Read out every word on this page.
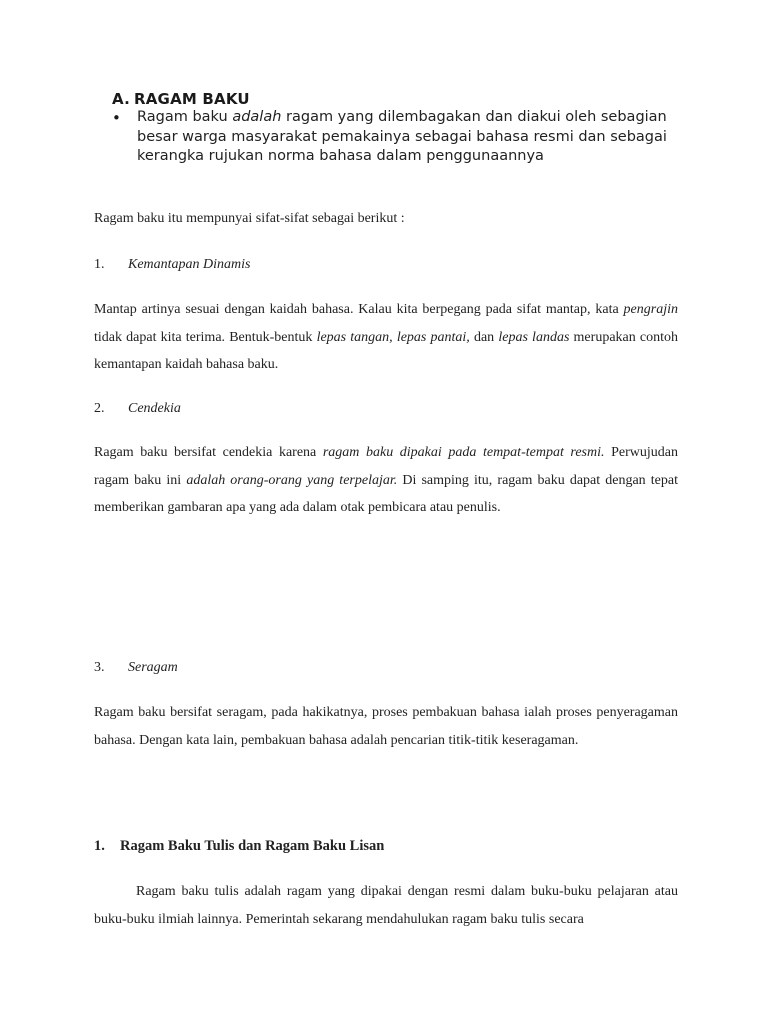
A. RAGAM BAKU
• Ragam baku adalah ragam yang dilembagakan dan diakui oleh sebagian besar warga masyarakat pemakainya sebagai bahasa resmi dan sebagai kerangka rujukan norma bahasa dalam penggunaannya
Ragam baku itu mempunyai sifat-sifat sebagai berikut :
1.	Kemantapan Dinamis
Mantap artinya sesuai dengan kaidah bahasa. Kalau kita berpegang pada sifat mantap, kata pengrajin tidak dapat kita terima. Bentuk-bentuk lepas tangan, lepas pantai, dan lepas landas merupakan contoh kemantapan kaidah bahasa baku.
2.	Cendekia
Ragam baku bersifat cendekia karena ragam baku dipakai pada tempat-tempat resmi. Perwujudan ragam baku ini adalah orang-orang yang terpelajar. Di samping itu, ragam baku dapat dengan tepat memberikan gambaran apa yang ada dalam otak pembicara atau penulis.
3.	Seragam
Ragam baku bersifat seragam, pada hakikatnya, proses pembakuan bahasa ialah proses penyeragaman bahasa. Dengan kata lain, pembakuan bahasa adalah pencarian titik-titik keseragaman.
1.	Ragam Baku Tulis dan Ragam Baku Lisan
Ragam baku tulis adalah ragam yang dipakai dengan resmi dalam buku-buku pelajaran atau buku-buku ilmiah lainnya. Pemerintah sekarang mendahulukan ragam baku tulis secara
